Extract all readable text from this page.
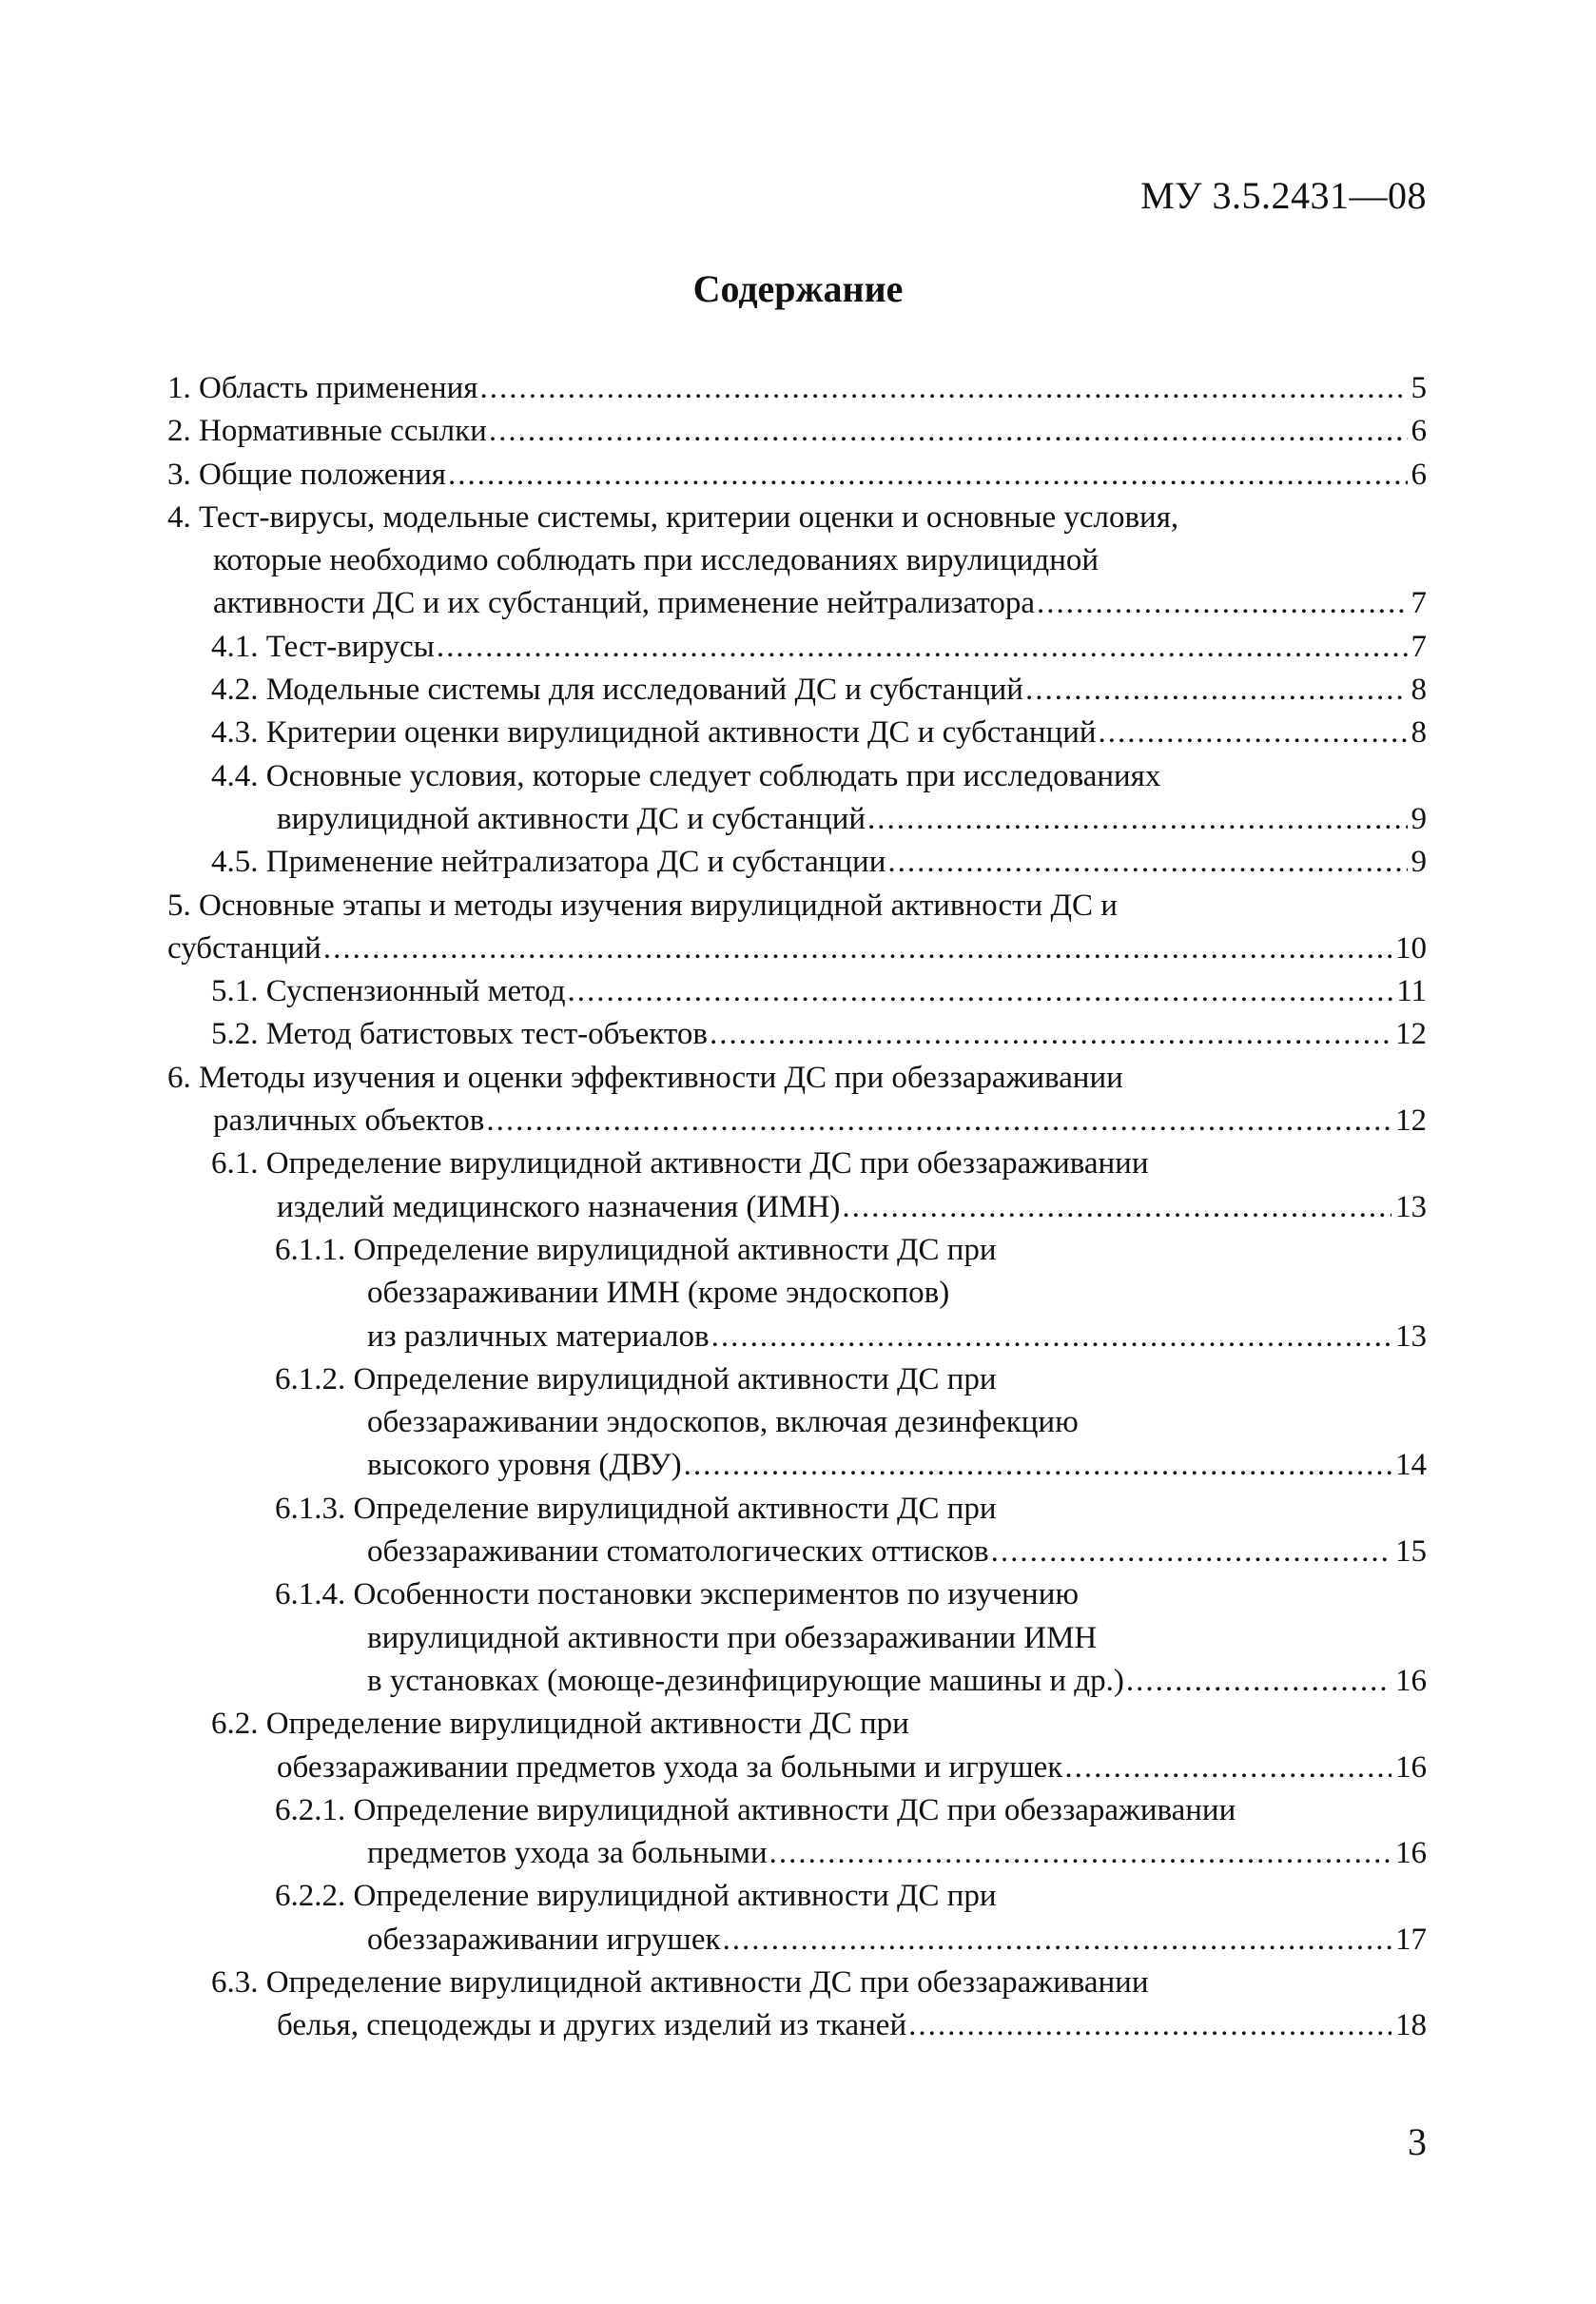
МУ 3.5.2431—08
Содержание
1. Область применения .....	5
2. Нормативные ссылки .....	6
3. Общие положения .....	6
4. Тест-вирусы, модельные системы, критерии оценки и основные условия,
которые необходимо соблюдать при исследованиях вирулицидной
активности ДС и их субстанций, применение нейтрализатора .....	7
4.1. Тест-вирусы .....	7
4.2. Модельные системы для исследований ДС и субстанций .....	8
4.3. Критерии оценки вирулицидной активности ДС и субстанций .....	8
4.4. Основные условия, которые следует соблюдать при исследованиях
вирулицидной активности ДС и субстанций .....	9
4.5. Применение нейтрализатора ДС и субстанции .....	9
5. Основные этапы и методы изучения вирулицидной активности ДС и
субстанций .....	10
5.1. Суспензионный метод .....	11
5.2. Метод батистовых тест-объектов .....	12
6. Методы изучения и оценки эффективности ДС при обеззараживании
различных объектов .....	12
6.1. Определение вирулицидной активности ДС при обеззараживании
изделий медицинского назначения (ИМН) .....	13
6.1.1. Определение вирулицидной активности ДС при
обеззараживании ИМН (кроме эндоскопов)
из различных материалов .....	13
6.1.2. Определение вирулицидной активности ДС при
обеззараживании эндоскопов, включая дезинфекцию
высокого уровня (ДВУ) .....	14
6.1.3. Определение вирулицидной активности ДС при
обеззараживании стоматологических оттисков .....	15
6.1.4. Особенности постановки экспериментов по изучению
вирулицидной активности при обеззараживании ИМН
в установках (моюще-дезинфицирующие машины и др.) .....	16
6.2. Определение вирулицидной активности ДС при
обеззараживании предметов ухода за больными и игрушек .....	16
6.2.1. Определение вирулицидной активности ДС при обеззараживании
предметов ухода за больными .....	16
6.2.2. Определение вирулицидной активности ДС при
обеззараживании игрушек .....	17
6.3. Определение вирулицидной активности ДС при обеззараживании
белья, спецодежды и других изделий из тканей .....	18
3
